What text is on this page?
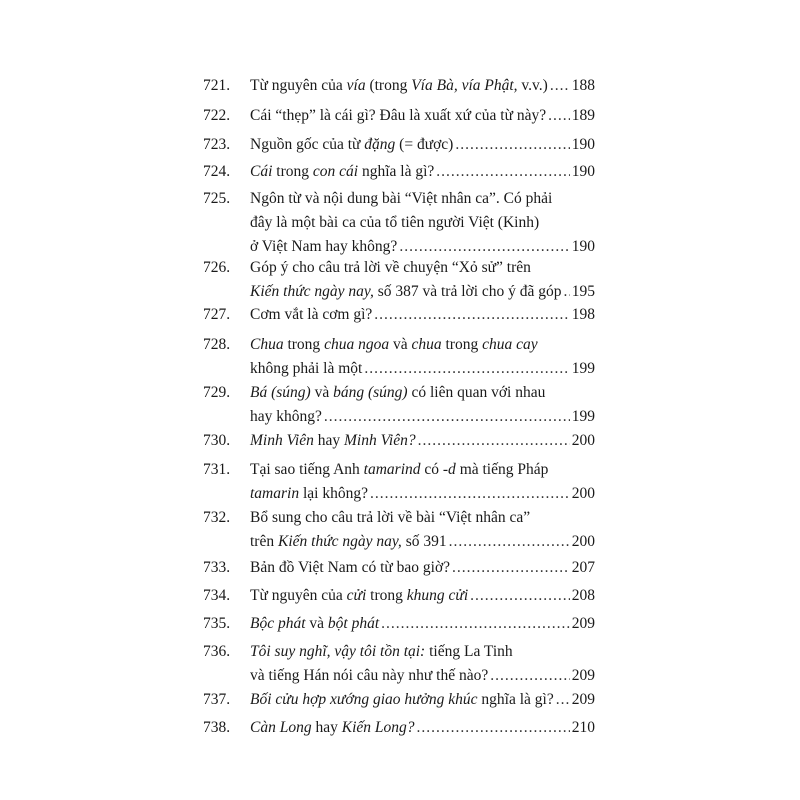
721. Từ nguyên của vía (trong Vía Bà, vía Phật, v.v.) ..... 188
722. Cái “thẹp” là cái gì? Đâu là xuất xứ của từ này? ..... 189
723. Nguồn gốc của từ đặng (= được) .....	190
724. Cái trong con cái nghĩa là gì? .....	190
725. Ngôn từ và nội dung bài “Việt nhân ca”. Có phải
đây là một bài ca của tổ tiên người Việt (Kinh)
ở Việt Nam hay không? .....	190
726. Góp ý cho câu trả lời về chuyện “Xỏ sử” trên
Kiến thức ngày nay, số 387 và trả lời cho ý đã góp ..... 195
727. Cơm vắt là cơm gì? .....	198
728. Chua trong chua ngoa và chua trong chua cay
không phải là một .....	199
729. Bá (súng) và báng (súng) có liên quan với nhau
hay không? .....	199
730. Minh Viên hay Minh Viên? .....	200
731. Tại sao tiếng Anh tamarind có -d mà tiếng Pháp
tamarin lại không? .....	200
732. Bổ sung cho câu trả lời về bài “Việt nhân ca”
trên Kiến thức ngày nay, số 391 .....	200
733. Bản đồ Việt Nam có từ bao giờ? .....	207
734. Từ nguyên của cửi trong khung cửi .....	208
735. Bộc phát và bột phát .....	209
736. Tôi suy nghĩ, vậy tôi tồn tại: tiếng La Tinh
và tiếng Hán nói câu này như thế nào? .....	209
737. Bối cửu hợp xướng giao hưởng khúc nghĩa là gì? ..... 209
738. Càn Long hay Kiến Long? .....	210
